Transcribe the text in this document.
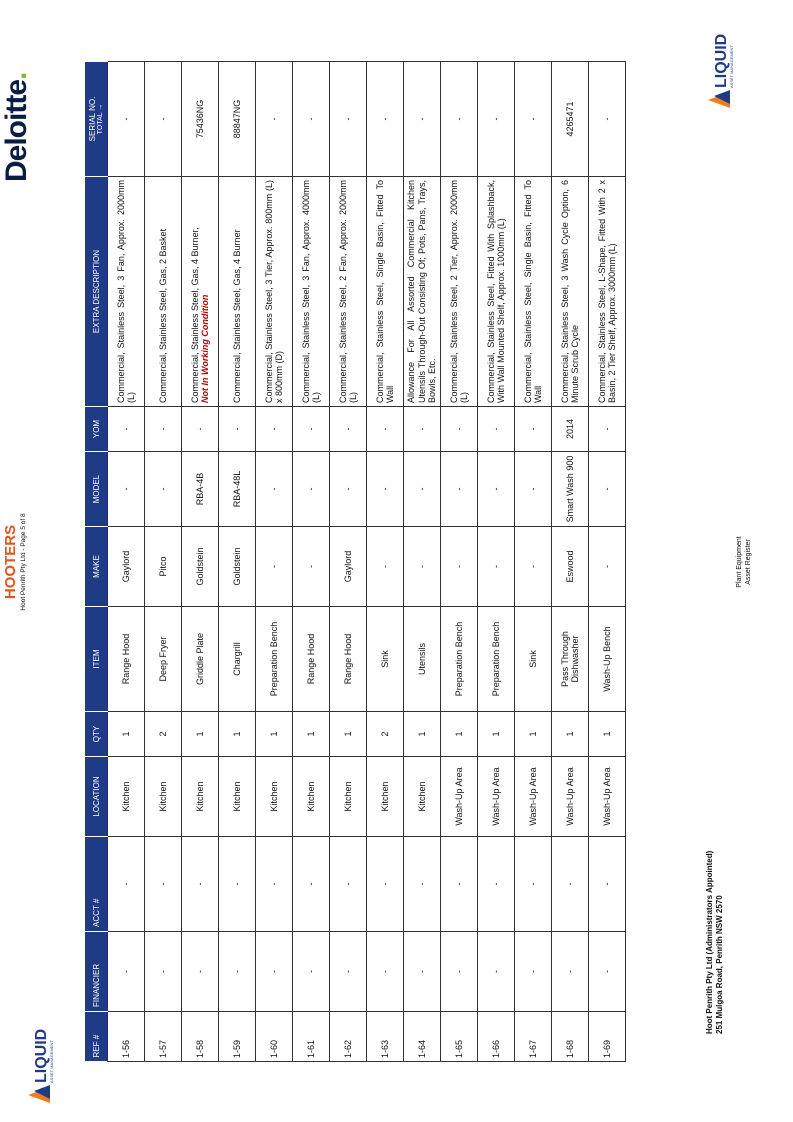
Hoot Penrith Pty Ltd (Administrators Appointed) 251 Mulgoa Road, Penrith NSW 2570
Plant Equipment Asset Register
LIQUID ASSET MANAGEMENT
LIQUID ASSET MANAGEMENT	REF #	FINANCIER	ACCT #	LOCATION	QTY	ITEM	MAKE	MODEL	YOM	EXTRA DESCRIPTION	SERIAL NO. TOTAL →

1-56	-	-	Kitchen	1	Range Hood	Gaylord	-	-	Commercial, Stainless Steel, 3 Fan, Approx. 2000mm (L)	-
1-57	-	-	Kitchen	2	Deep Fryer	Pitco	-	-	Commercial, Stainless Steel, Gas, 2 Basket	-
1-58	-	-	Kitchen	1	Griddle Plate	Goldstein	RBA-4B	-	Commercial, Stainless Steel, Gas, 4 Burner,
Not In Working Condition	75436NG
1-59	-	-	Kitchen	1	Chargrill	Goldstein	RBA-48L	-	Commercial, Stainless Steel, Gas, 4 Burner	88847NG
1-60	-	-	Kitchen	1	Preparation Bench	-	-	-	Commercial, Stainless Steel, 3 Tier, Approx. 800mm (L) x 800mm (D)	-
1-61	-	-	Kitchen	1	Range Hood	-	-	-	Commercial, Stainless Steel, 3 Fan, Approx. 4000mm (L)	-
1-62	-	-	Kitchen	1	Range Hood	Gaylord	-	-	Commercial, Stainless Steel, 2 Fan, Approx. 2000mm (L)	-
1-63	-	-	Kitchen	2	Sink	-	-	-	Commercial, Stainless Steel, Single Basin, Fitted To Wall	-
1-64	-	-	Kitchen	1	Utensils	-	-	-	Allowance For All Assorted Commercial Kitchen Utensils Through-Out Consisting Of; Pots, Pans, Trays, Bowls, Etc.	-
1-65	-	-	Wash-Up Area	1	Preparation Bench	-	-	-	Commercial, Stainless Steel, 2 Tier, Approx. 2000mm (L)	-
1-66	-	-	Wash-Up Area	1	Preparation Bench	-	-	-	Commercial, Stainless Steel, Fitted With Splashback, With Wall Mounted Shelf, Approx. 1000mm (L)	-
1-67	-	-	Wash-Up Area	1	Sink	-	-	-	Commercial, Stainless Steel, Single Basin, Fitted To Wall	-
1-68	-	-	Wash-Up Area	1	Pass Through Dishwasher	Eswood	Smart Wash 900	2014	Commercial, Stainless Steel, 3 Wash Cycle Option, 6 Minute Scrub Cycle	4265471
1-69	-	-	Wash-Up Area	1	Wash-Up Bench	-	-	-	Commercial, Stainless Steel, L-Shape, Fitted With 2 x Basin, 2 Tier Shelf, Approx. 3000mm (L)	-
Hoot Penrith Pty Ltd - Page 5 of 8
HOOTERS
Deloitte.
